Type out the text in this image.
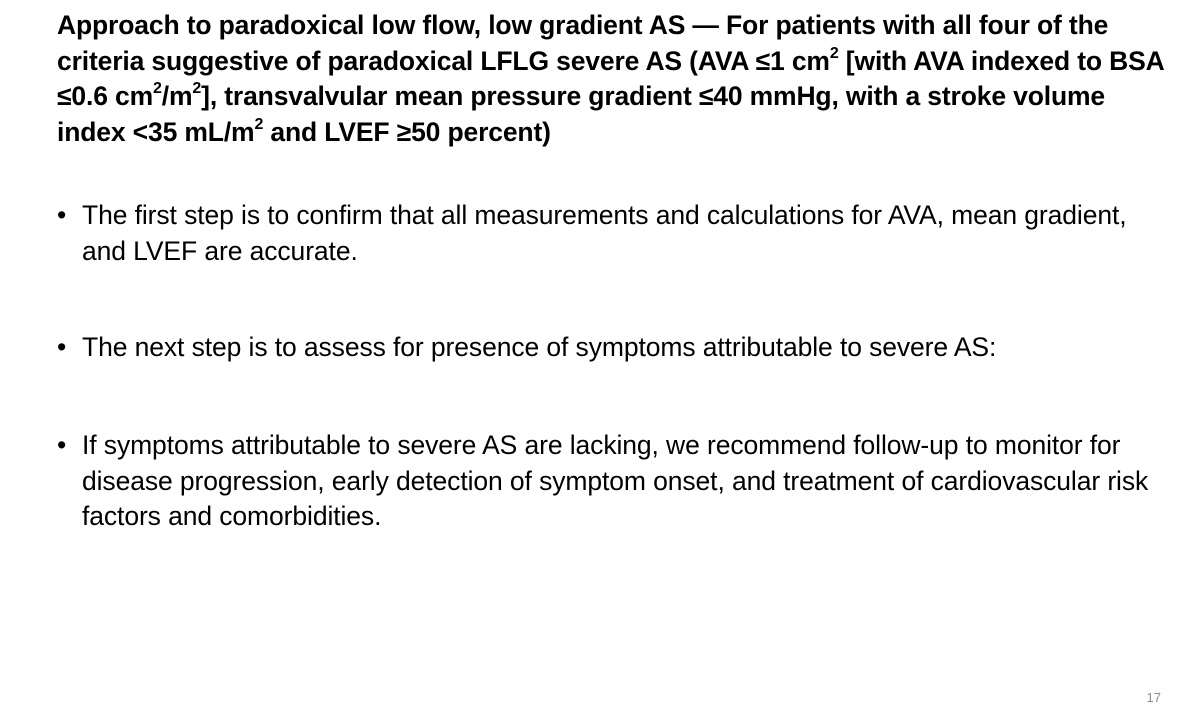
Approach to paradoxical low flow, low gradient AS — For patients with all four of the criteria suggestive of paradoxical LFLG severe AS (AVA ≤1 $cm^2$ [with AVA indexed to BSA ≤0.6 $cm^2/m^2$], transvalvular mean pressure gradient ≤40 mmHg, with a stroke volume index <35 $mL/m^2$ and LVEF ≥50 percent)
• The first step is to confirm that all measurements and calculations for AVA, mean gradient, and LVEF are accurate.
• The next step is to assess for presence of symptoms attributable to severe AS:
• If symptoms attributable to severe AS are lacking, we recommend follow-up to monitor for disease progression, early detection of symptom onset, and treatment of cardiovascular risk factors and comorbidities.
17
